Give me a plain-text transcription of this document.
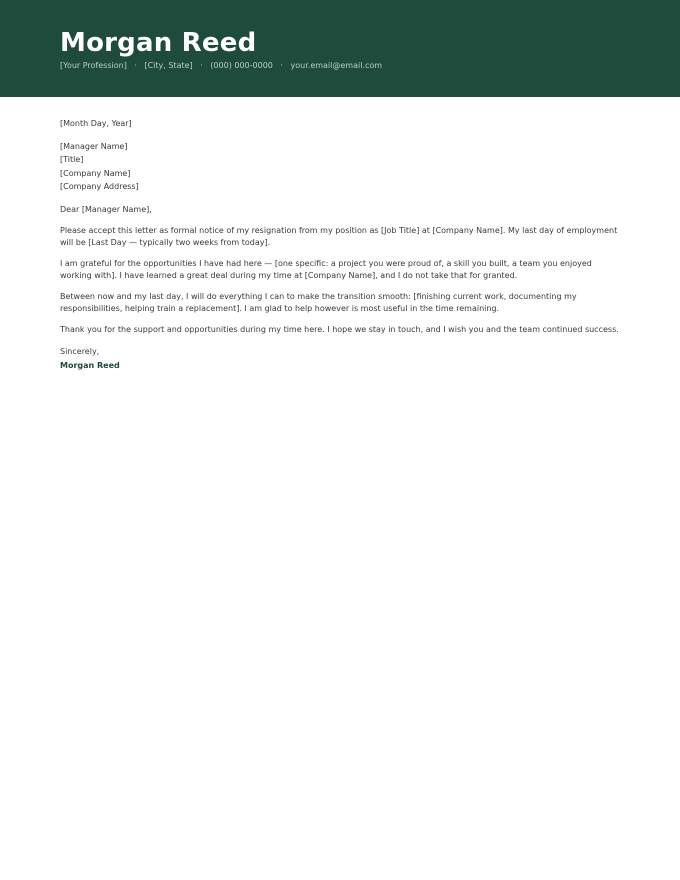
Morgan Reed
[Your Profession] · [City, State] · (000) 000-0000 · your.email@email.com

[Month Day, Year]

[Manager Name]
[Title]
[Company Name]
[Company Address]

Dear [Manager Name],

Please accept this letter as formal notice of my resignation from my position as [Job Title] at [Company Name]. My last day of employment will be [Last Day — typically two weeks from today].

I am grateful for the opportunities I have had here — [one specific: a project you were proud of, a skill you built, a team you enjoyed working with]. I have learned a great deal during my time at [Company Name], and I do not take that for granted.

Between now and my last day, I will do everything I can to make the transition smooth: [finishing current work, documenting my responsibilities, helping train a replacement]. I am glad to help however is most useful in the time remaining.

Thank you for the support and opportunities during my time here. I hope we stay in touch, and I wish you and the team continued success.

Sincerely,

Morgan Reed
